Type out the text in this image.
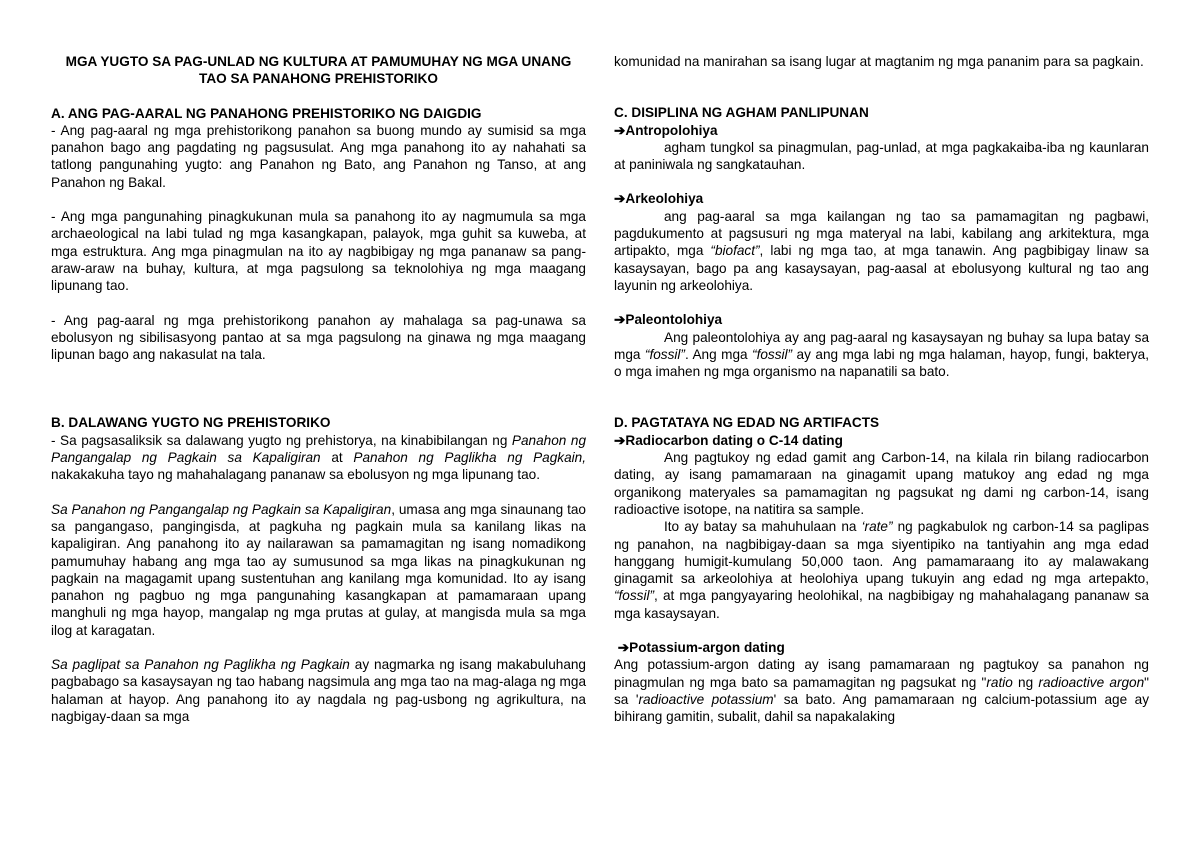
MGA YUGTO SA PAG-UNLAD NG KULTURA AT PAMUMUHAY NG MGA UNANG TAO SA PANAHONG PREHISTORIKO
A. ANG PAG-AARAL NG PANAHONG PREHISTORIKO NG DAIGDIG

- Ang pag-aaral ng mga prehistorikong panahon sa buong mundo ay sumisid sa mga panahon bago ang pagdating ng pagsusulat. Ang mga panahong ito ay nahahati sa tatlong pangunahing yugto: ang Panahon ng Bato, ang Panahon ng Tanso, at ang Panahon ng Bakal.

- Ang mga pangunahing pinagkukunan mula sa panahong ito ay nagmumula sa mga archaeological na labi tulad ng mga kasangkapan, palayok, mga guhit sa kuweba, at mga estruktura. Ang mga pinagmulan na ito ay nagbibigay ng mga pananaw sa pang-araw-araw na buhay, kultura, at mga pagsulong sa teknolohiya ng mga maagang lipunang tao.

- Ang pag-aaral ng mga prehistorikong panahon ay mahalaga sa pag-unawa sa ebolusyon ng sibilisasyong pantao at sa mga pagsulong na ginawa ng mga maagang lipunan bago ang nakasulat na tala.

B. DALAWANG YUGTO NG PREHISTORIKO

- Sa pagsasaliksik sa dalawang yugto ng prehistorya, na kinabibilangan ng Panahon ng Pangangalap ng Pagkain sa Kapaligiran at Panahon ng Paglikha ng Pagkain, nakakakuha tayo ng mahahalagang pananaw sa ebolusyon ng mga lipunang tao.

Sa Panahon ng Pangangalap ng Pagkain sa Kapaligiran, umasa ang mga sinaunang tao sa pangangaso, pangingisda, at pagkuha ng pagkain mula sa kanilang likas na kapaligiran. Ang panahong ito ay nailarawan sa pamamagitan ng isang nomadikong pamumuhay habang ang mga tao ay sumusunod sa mga likas na pinagkukunan ng pagkain na magagamit upang sustentuhan ang kanilang mga komunidad. Ito ay isang panahon ng pagbuo ng mga pangunahing kasangkapan at pamamaraan upang manghuli ng mga hayop, mangalap ng mga prutas at gulay, at mangisda mula sa mga ilog at karagatan.

Sa paglipat sa Panahon ng Paglikha ng Pagkain ay nagmarka ng isang makabuluhang pagbabago sa kasaysayan ng tao habang nagsimula ang mga tao na mag-alaga ng mga halaman at hayop. Ang panahong ito ay nagdala ng pag-usbong ng agrikultura, na nagbigay-daan sa mga

komunidad na manirahan sa isang lugar at magtanim ng mga pananim para sa pagkain.

C. DISIPLINA NG AGHAM PANLIPUNAN
➔Antropolohiya

agham tungkol sa pinagmulan, pag-unlad, at mga pagkakaiba-iba ng kaunlaran at paniniwala ng sangkatauhan.

➔Arkeolohiya

ang pag-aaral sa mga kailangan ng tao sa pamamagitan ng pagbawi, pagdukumento at pagsusuri ng mga materyal na labi, kabilang ang arkitektura, mga artipakto, mga “biofact”, labi ng mga tao, at mga tanawin. Ang pagbibigay linaw sa kasaysayan, bago pa ang kasaysayan, pag-aasal at ebolusyong kultural ng tao ang layunin ng arkeolohiya.

➔Paleontolohiya

Ang paleontolohiya ay ang pag-aaral ng kasaysayan ng buhay sa lupa batay sa mga “fossil”. Ang mga “fossil” ay ang mga labi ng mga halaman, hayop, fungi, bakterya, o mga imahen ng mga organismo na napanatili sa bato.

D. PAGTATAYA NG EDAD NG ARTIFACTS
➔Radiocarbon dating o C-14 dating

Ang pagtukoy ng edad gamit ang Carbon-14, na kilala rin bilang radiocarbon dating, ay isang pamamaraan na ginagamit upang matukoy ang edad ng mga organikong materyales sa pamamagitan ng pagsukat ng dami ng carbon-14, isang radioactive isotope, na natitira sa sample.

Ito ay batay sa mahuhulaan na ‘rate” ng pagkabulok ng carbon-14 sa paglipas ng panahon, na nagbibigay-daan sa mga siyentipiko na tantiyahin ang mga edad hanggang humigit-kumulang 50,000 taon. Ang pamamaraang ito ay malawakang ginagamit sa arkeolohiya at heolohiya upang tukuyin ang edad ng mga artepakto, “fossil”, at mga pangyayaring heolohikal, na nagbibigay ng mahahalagang pananaw sa mga kasaysayan.

➔Potassium-argon dating

Ang potassium-argon dating ay isang pamamaraan ng pagtukoy sa panahon ng pinagmulan ng mga bato sa pamamagitan ng pagsukat ng "ratio ng radioactive argon" sa 'radioactive potassium' sa bato. Ang pamamaraan ng calcium-potassium age ay bihirang gamitin, subalit, dahil sa napakalaking
